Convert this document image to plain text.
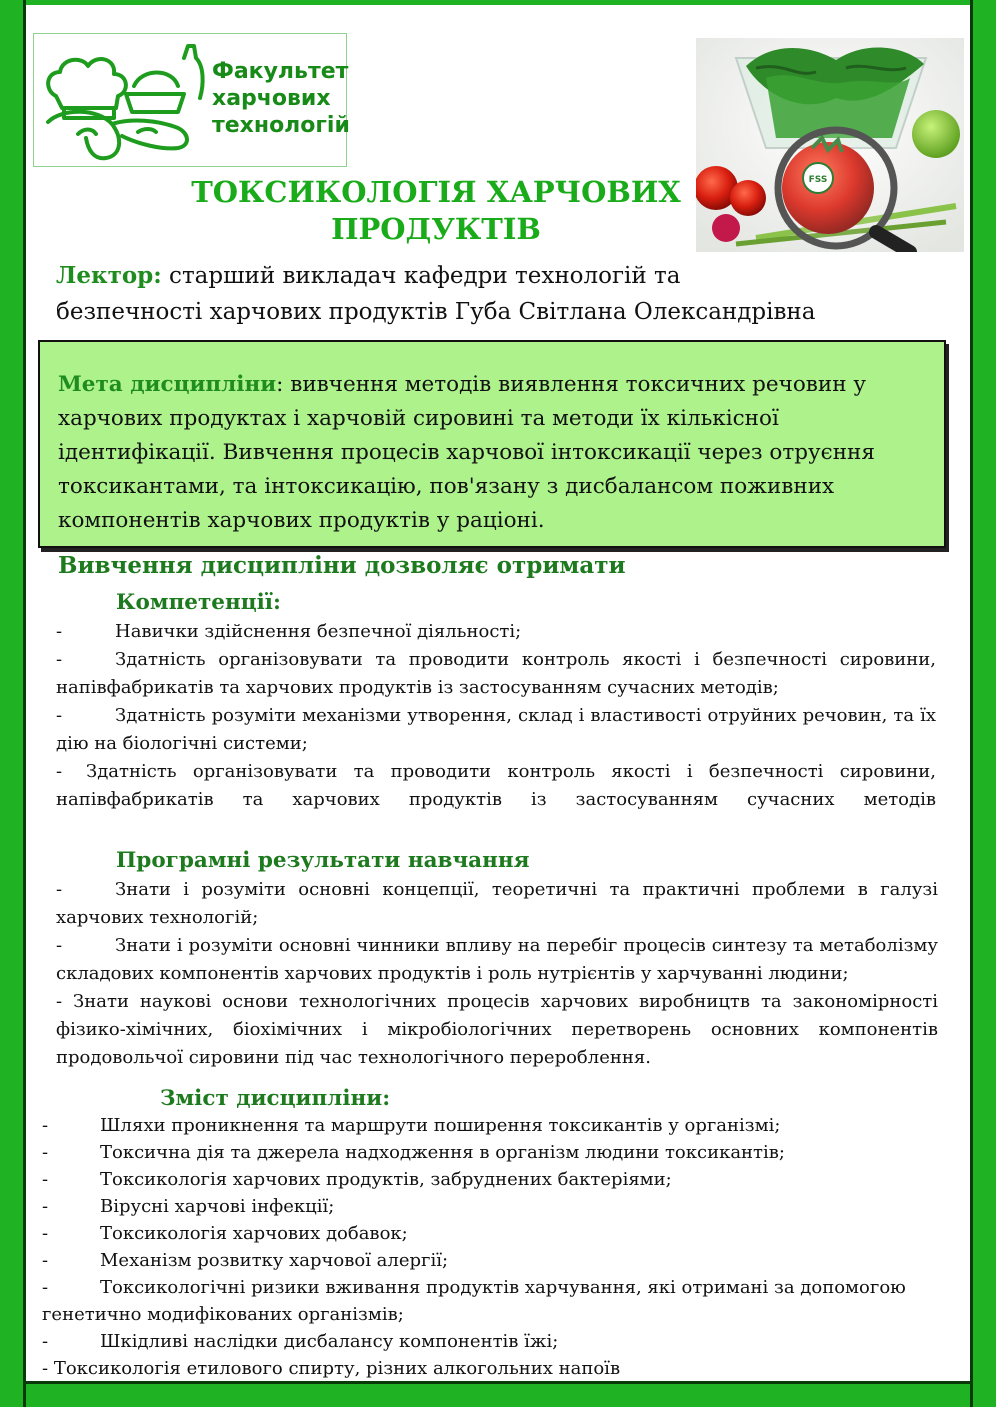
Факультет
харчових
технологій
FSS
ТОКСИКОЛОГІЯ ХАРЧОВИХ
ПРОДУКТІВ
Лектор: старший викладач кафедри технологій та
безпечності харчових продуктів Губа Світлана Олександрівна
Мета дисципліни: вивчення методів виявлення токсичних речовин у харчових продуктах і харчовій сировині та методи їх кількісної ідентифікації. Вивчення процесів харчової інтоксикації через отруєння токсикантами, та інтоксикацію, пов'язану з дисбалансом поживних компонентів харчових продуктів у раціоні.
Вивчення дисципліни дозволяє отримати
Компетенції:
-	Навички здійснення безпечної діяльності;
-	Здатність організовувати та проводити контроль якості і безпечності сировини, напівфабрикатів та харчових продуктів із застосуванням сучасних методів;
-	Здатність розуміти механізми утворення, склад і властивості отруйних речовин, та їх дію на біологічні системи;
- Здатність організовувати та проводити контроль якості і безпечності сировини, напівфабрикатів та харчових продуктів із застосуванням сучасних методів
Програмні результати навчання
-	Знати і розуміти основні концепції, теоретичні та практичні проблеми в галузі харчових технологій;
-	Знати і розуміти основні чинники впливу на перебіг процесів синтезу та метаболізму складових компонентів харчових продуктів і роль нутрієнтів у харчуванні людини;
- Знати наукові основи технологічних процесів харчових виробництв та закономірності фізико-хімічних, біохімічних і мікробіологічних перетворень основних компонентів продовольчої сировини під час технологічного перероблення.
Зміст дисципліни:
-	Шляхи проникнення та маршрути поширення токсикантів у організмі;
-	Токсична дія та джерела надходження в організм людини токсикантів;
-	Токсикологія харчових продуктів, забруднених бактеріями;
-	Вірусні харчові інфекції;
-	Токсикологія харчових добавок;
-	Механізм розвитку харчової алергії;
-	Токсикологічні ризики вживання продуктів харчування, які отримані за допомогою генетично модифікованих організмів;
-	Шкідливі наслідки дисбалансу компонентів їжі;
- Токсикологія етилового спирту, різних алкогольних напоїв
